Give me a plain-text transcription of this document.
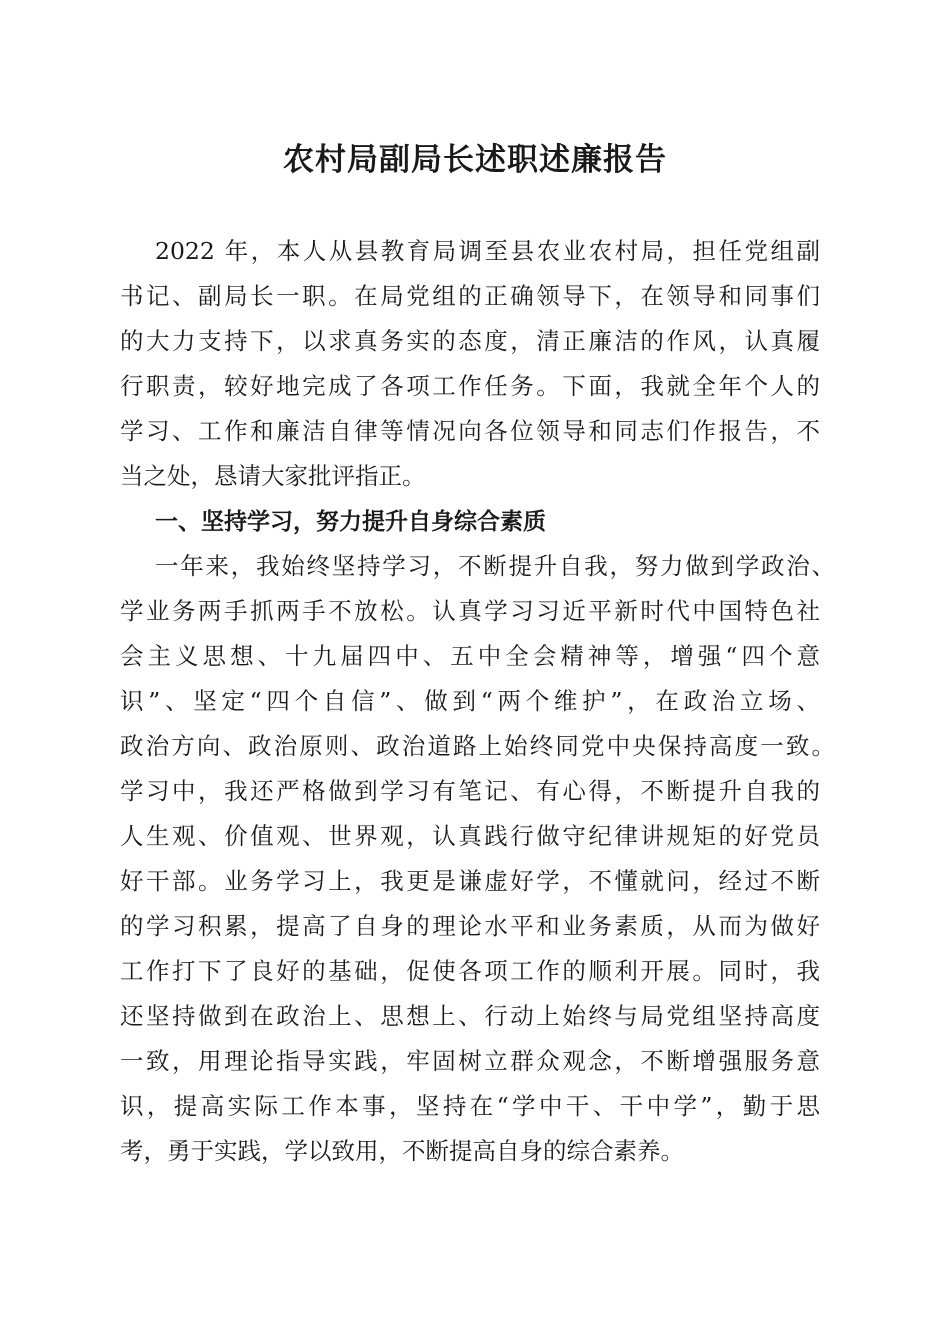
农村局副局长述职述廉报告

2022 年，本人从县教育局调至县农业农村局，担任党组副

书记、副局长一职。在局党组的正确领导下，在领导和同事们

的大力支持下，以求真务实的态度，清正廉洁的作风，认真履

行职责，较好地完成了各项工作任务。下面，我就全年个人的

学习、工作和廉洁自律等情况向各位领导和同志们作报告，不

当之处，恳请大家批评指正。

一、坚持学习，努力提升自身综合素质

一年来，我始终坚持学习，不断提升自我，努力做到学政治、

学业务两手抓两手不放松。认真学习习近平新时代中国特色社

会主义思想、十九届四中、五中全会精神等，增强“四个意

识”、坚定“四个自信”、做到“两个维护”，在政治立场、

政治方向、政治原则、政治道路上始终同党中央保持高度一致。

学习中，我还严格做到学习有笔记、有心得，不断提升自我的

人生观、价值观、世界观，认真践行做守纪律讲规矩的好党员

好干部。业务学习上，我更是谦虚好学，不懂就问，经过不断

的学习积累，提高了自身的理论水平和业务素质，从而为做好

工作打下了良好的基础，促使各项工作的顺利开展。同时，我

还坚持做到在政治上、思想上、行动上始终与局党组坚持高度

一致，用理论指导实践，牢固树立群众观念，不断增强服务意

识，提高实际工作本事，坚持在“学中干、干中学”，勤于思

考，勇于实践，学以致用，不断提高自身的综合素养。
